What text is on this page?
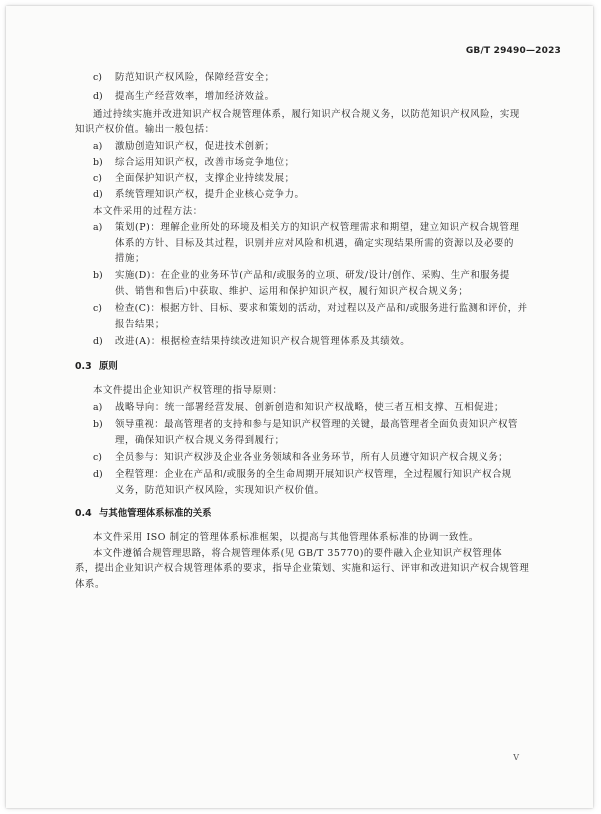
GB/T 29490—2023
c) 防范知识产权风险，保障经营安全；
d) 提高生产经营效率，增加经济效益。
通过持续实施并改进知识产权合规管理体系，履行知识产权合规义务，以防范知识产权风险，实现
知识产权价值。输出一般包括：
a) 激励创造知识产权，促进技术创新；
b) 综合运用知识产权，改善市场竞争地位；
c) 全面保护知识产权，支撑企业持续发展；
d) 系统管理知识产权，提升企业核心竞争力。
本文件采用的过程方法：
a) 策划(P)：理解企业所处的环境及相关方的知识产权管理需求和期望，建立知识产权合规管理
体系的方针、目标及其过程，识别并应对风险和机遇，确定实现结果所需的资源以及必要的
措施；
b) 实施(D)：在企业的业务环节(产品和/或服务的立项、研发/设计/创作、采购、生产和服务提
供、销售和售后)中获取、维护、运用和保护知识产权，履行知识产权合规义务；
c) 检查(C)：根据方针、目标、要求和策划的活动，对过程以及产品和/或服务进行监测和评价，并
报告结果；
d) 改进(A)：根据检查结果持续改进知识产权合规管理体系及其绩效。
0.3 原则
本文件提出企业知识产权管理的指导原则：
a) 战略导向：统一部署经营发展、创新创造和知识产权战略，使三者互相支撑、互相促进；
b) 领导重视：最高管理者的支持和参与是知识产权管理的关键，最高管理者全面负责知识产权管
理，确保知识产权合规义务得到履行；
c) 全员参与：知识产权涉及企业各业务领域和各业务环节，所有人员遵守知识产权合规义务；
d) 全程管理：企业在产品和/或服务的全生命周期开展知识产权管理，全过程履行知识产权合规
义务，防范知识产权风险，实现知识产权价值。
0.4 与其他管理体系标准的关系
本文件采用 ISO 制定的管理体系标准框架，以提高与其他管理体系标准的协调一致性。
本文件遵循合规管理思路，将合规管理体系(见 GB/T 35770)的要件融入企业知识产权管理体
系，提出企业知识产权合规管理体系的要求，指导企业策划、实施和运行、评审和改进知识产权合规管理
体系。
V
